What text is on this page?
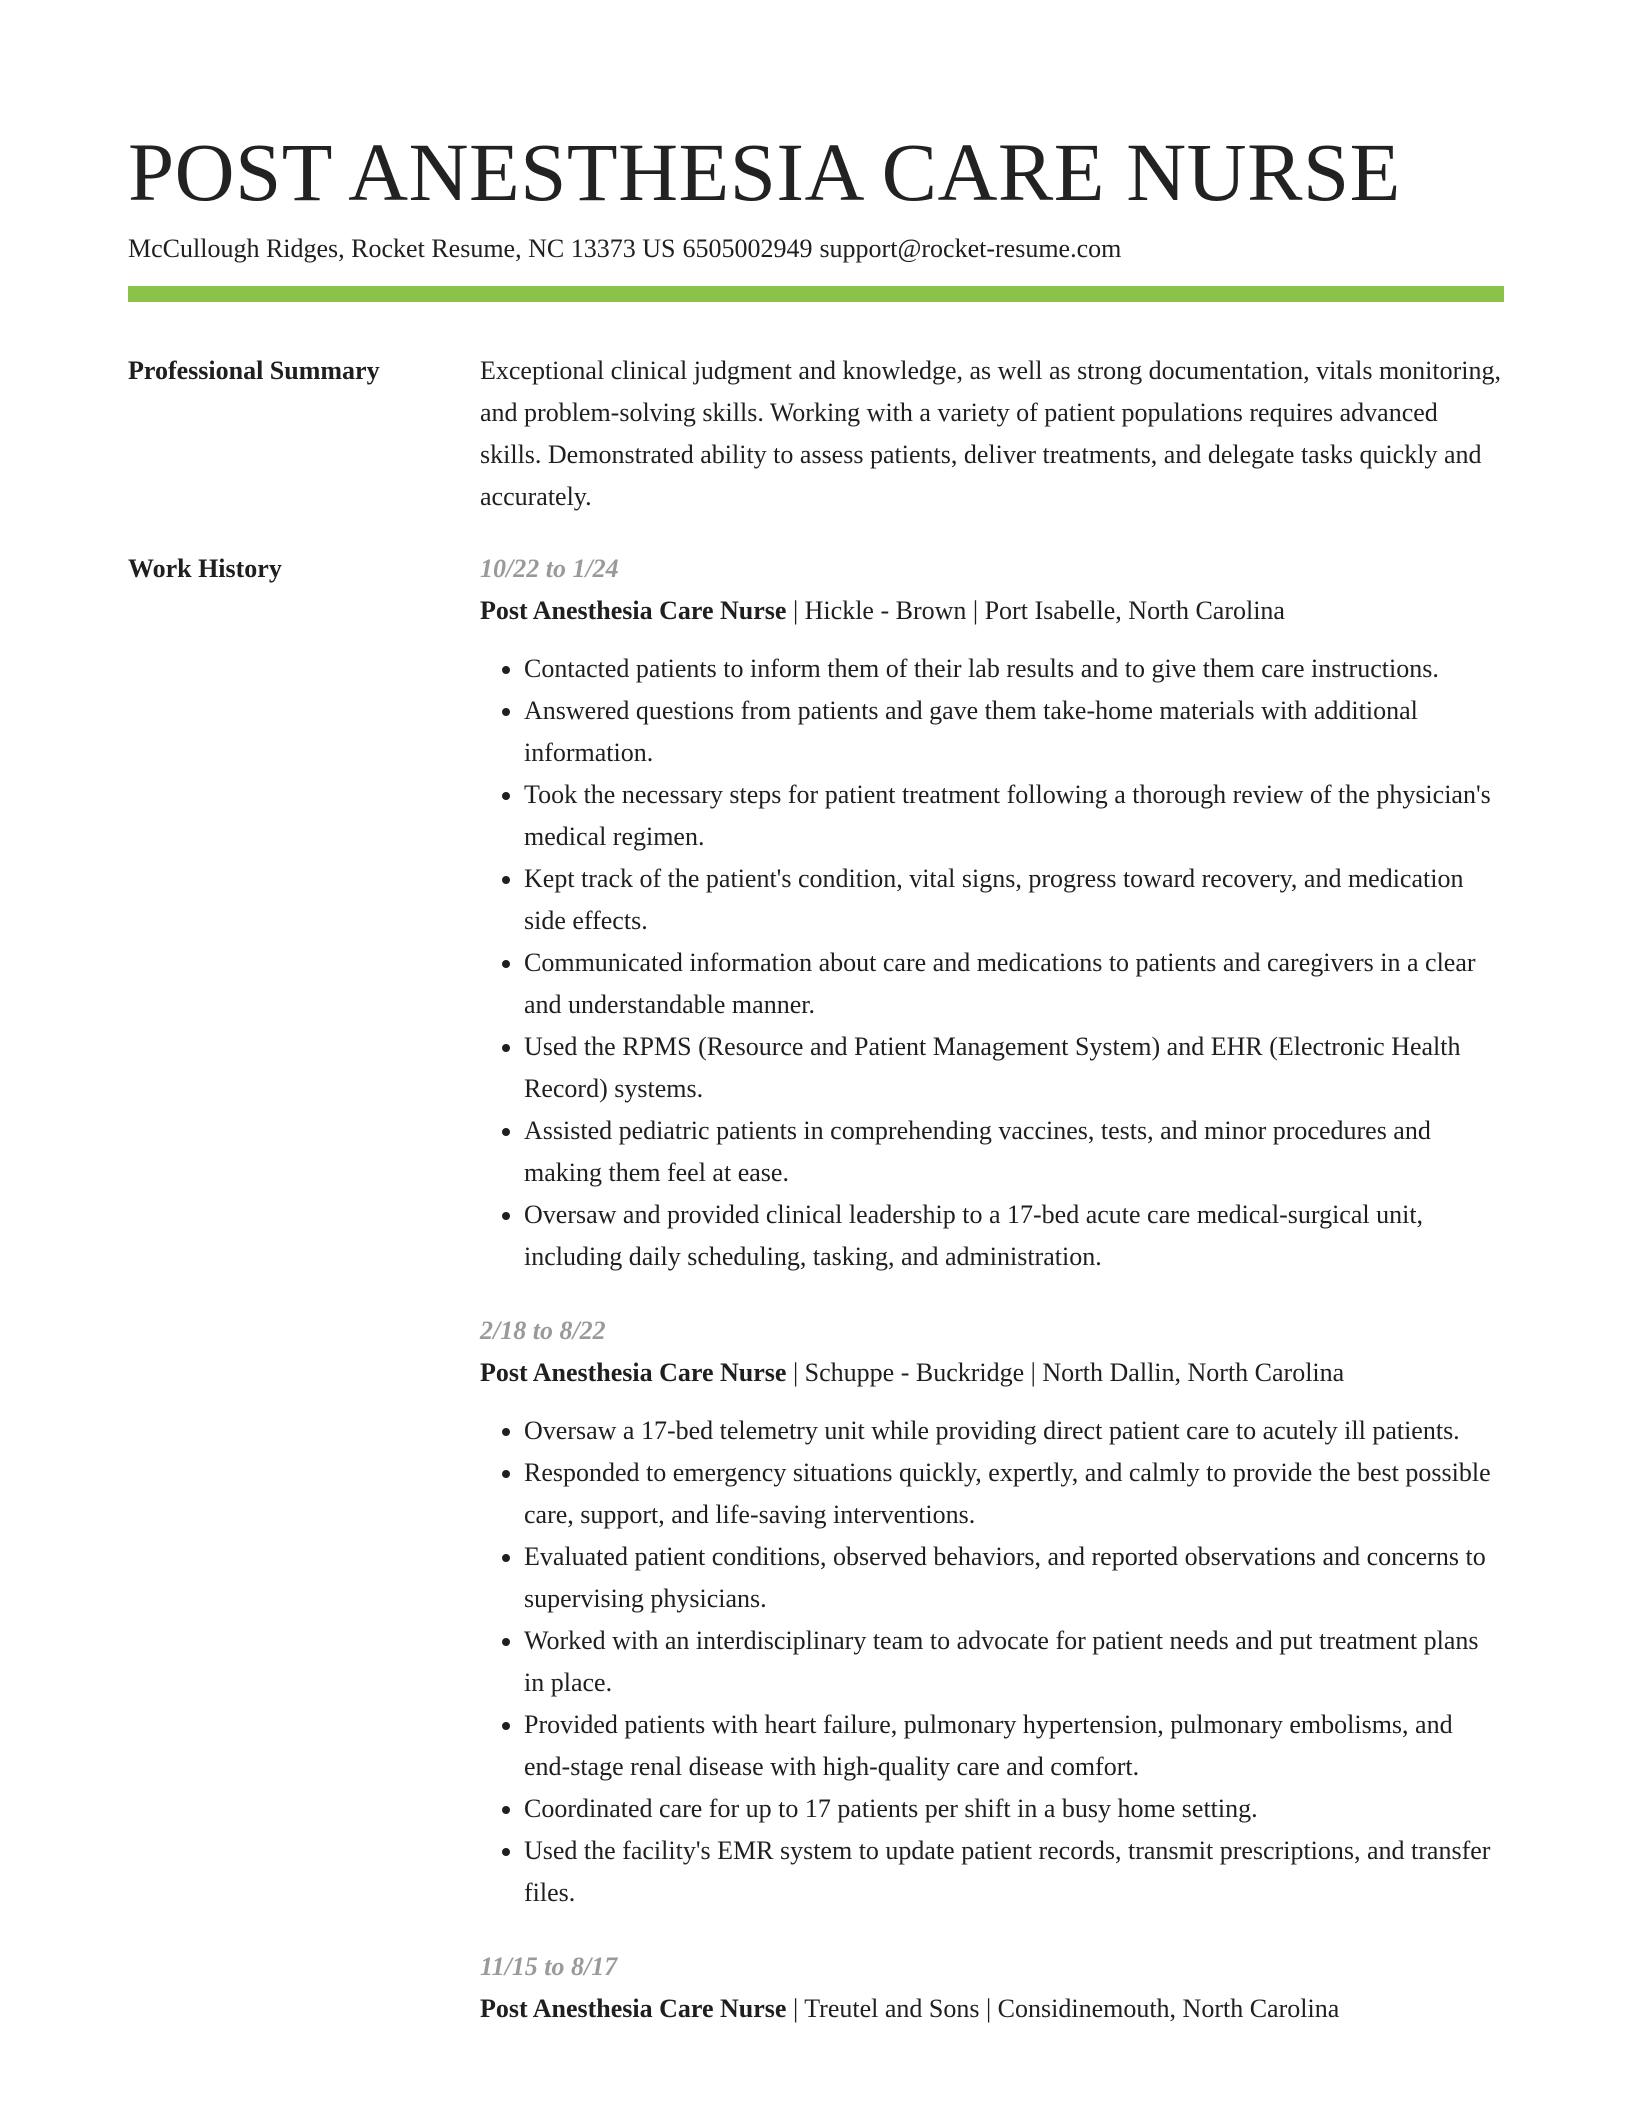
POST ANESTHESIA CARE NURSE
McCullough Ridges, Rocket Resume, NC 13373 US 6505002949 support@rocket-resume.com
Professional Summary	Exceptional clinical judgment and knowledge, as well as strong documentation, vitals monitoring, and problem-solving skills. Working with a variety of patient populations requires advanced skills. Demonstrated ability to assess patients, deliver treatments, and delegate tasks quickly and accurately.

Work History	10/22 to 1/24
Post Anesthesia Care Nurse | Hickle - Brown | Port Isabelle, North Carolina
• Contacted patients to inform them of their lab results and to give them care instructions.
• Answered questions from patients and gave them take-home materials with additional information.
• Took the necessary steps for patient treatment following a thorough review of the physician's medical regimen.
• Kept track of the patient's condition, vital signs, progress toward recovery, and medication side effects.
• Communicated information about care and medications to patients and caregivers in a clear and understandable manner.
• Used the RPMS (Resource and Patient Management System) and EHR (Electronic Health Record) systems.
• Assisted pediatric patients in comprehending vaccines, tests, and minor procedures and making them feel at ease.
• Oversaw and provided clinical leadership to a 17-bed acute care medical-surgical unit, including daily scheduling, tasking, and administration.
2/18 to 8/22
Post Anesthesia Care Nurse | Schuppe - Buckridge | North Dallin, North Carolina
• Oversaw a 17-bed telemetry unit while providing direct patient care to acutely ill patients.
• Responded to emergency situations quickly, expertly, and calmly to provide the best possible care, support, and life-saving interventions.
• Evaluated patient conditions, observed behaviors, and reported observations and concerns to supervising physicians.
• Worked with an interdisciplinary team to advocate for patient needs and put treatment plans in place.
• Provided patients with heart failure, pulmonary hypertension, pulmonary embolisms, and end-stage renal disease with high-quality care and comfort.
• Coordinated care for up to 17 patients per shift in a busy home setting.
• Used the facility's EMR system to update patient records, transmit prescriptions, and transfer files.
11/15 to 8/17
Post Anesthesia Care Nurse | Treutel and Sons | Considinemouth, North Carolina
